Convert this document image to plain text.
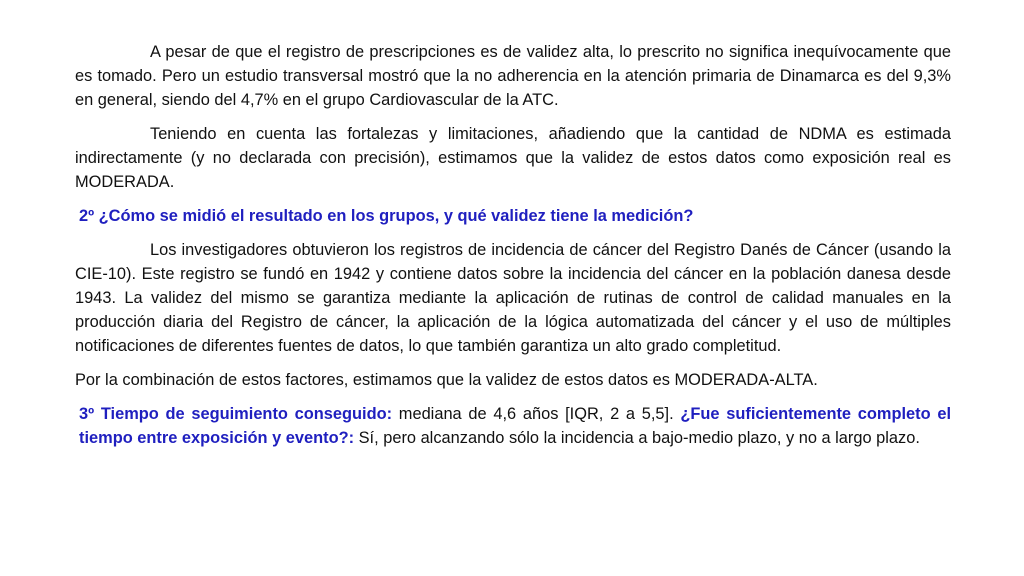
A pesar de que el registro de prescripciones es de validez alta, lo prescrito no significa inequívocamente que es tomado. Pero un estudio transversal mostró que la no adherencia en la atención primaria de Dinamarca es del 9,3% en general, siendo del 4,7% en el grupo Cardiovascular de la ATC.

Teniendo en cuenta las fortalezas y limitaciones, añadiendo que la cantidad de NDMA es estimada indirectamente (y no declarada con precisión), estimamos que la validez de estos datos como exposición real es MODERADA.

2º ¿Cómo se midió el resultado en los grupos, y qué validez tiene la medición?

Los investigadores obtuvieron los registros de incidencia de cáncer del Registro Danés de Cáncer (usando la CIE-10). Este registro se fundó en 1942 y contiene datos sobre la incidencia del cáncer en la población danesa desde 1943. La validez del mismo se garantiza mediante la aplicación de rutinas de control de calidad manuales en la producción diaria del Registro de cáncer, la aplicación de la lógica automatizada del cáncer y el uso de múltiples notificaciones de diferentes fuentes de datos, lo que también garantiza un alto grado completitud.

Por la combinación de estos factores, estimamos que la validez de estos datos es MODERADA-ALTA.

3º Tiempo de seguimiento conseguido: mediana de 4,6 años [IQR, 2 a 5,5]. ¿Fue suficientemente completo el tiempo entre exposición y evento?: Sí, pero alcanzando sólo la incidencia a bajo-medio plazo, y no a largo plazo.
